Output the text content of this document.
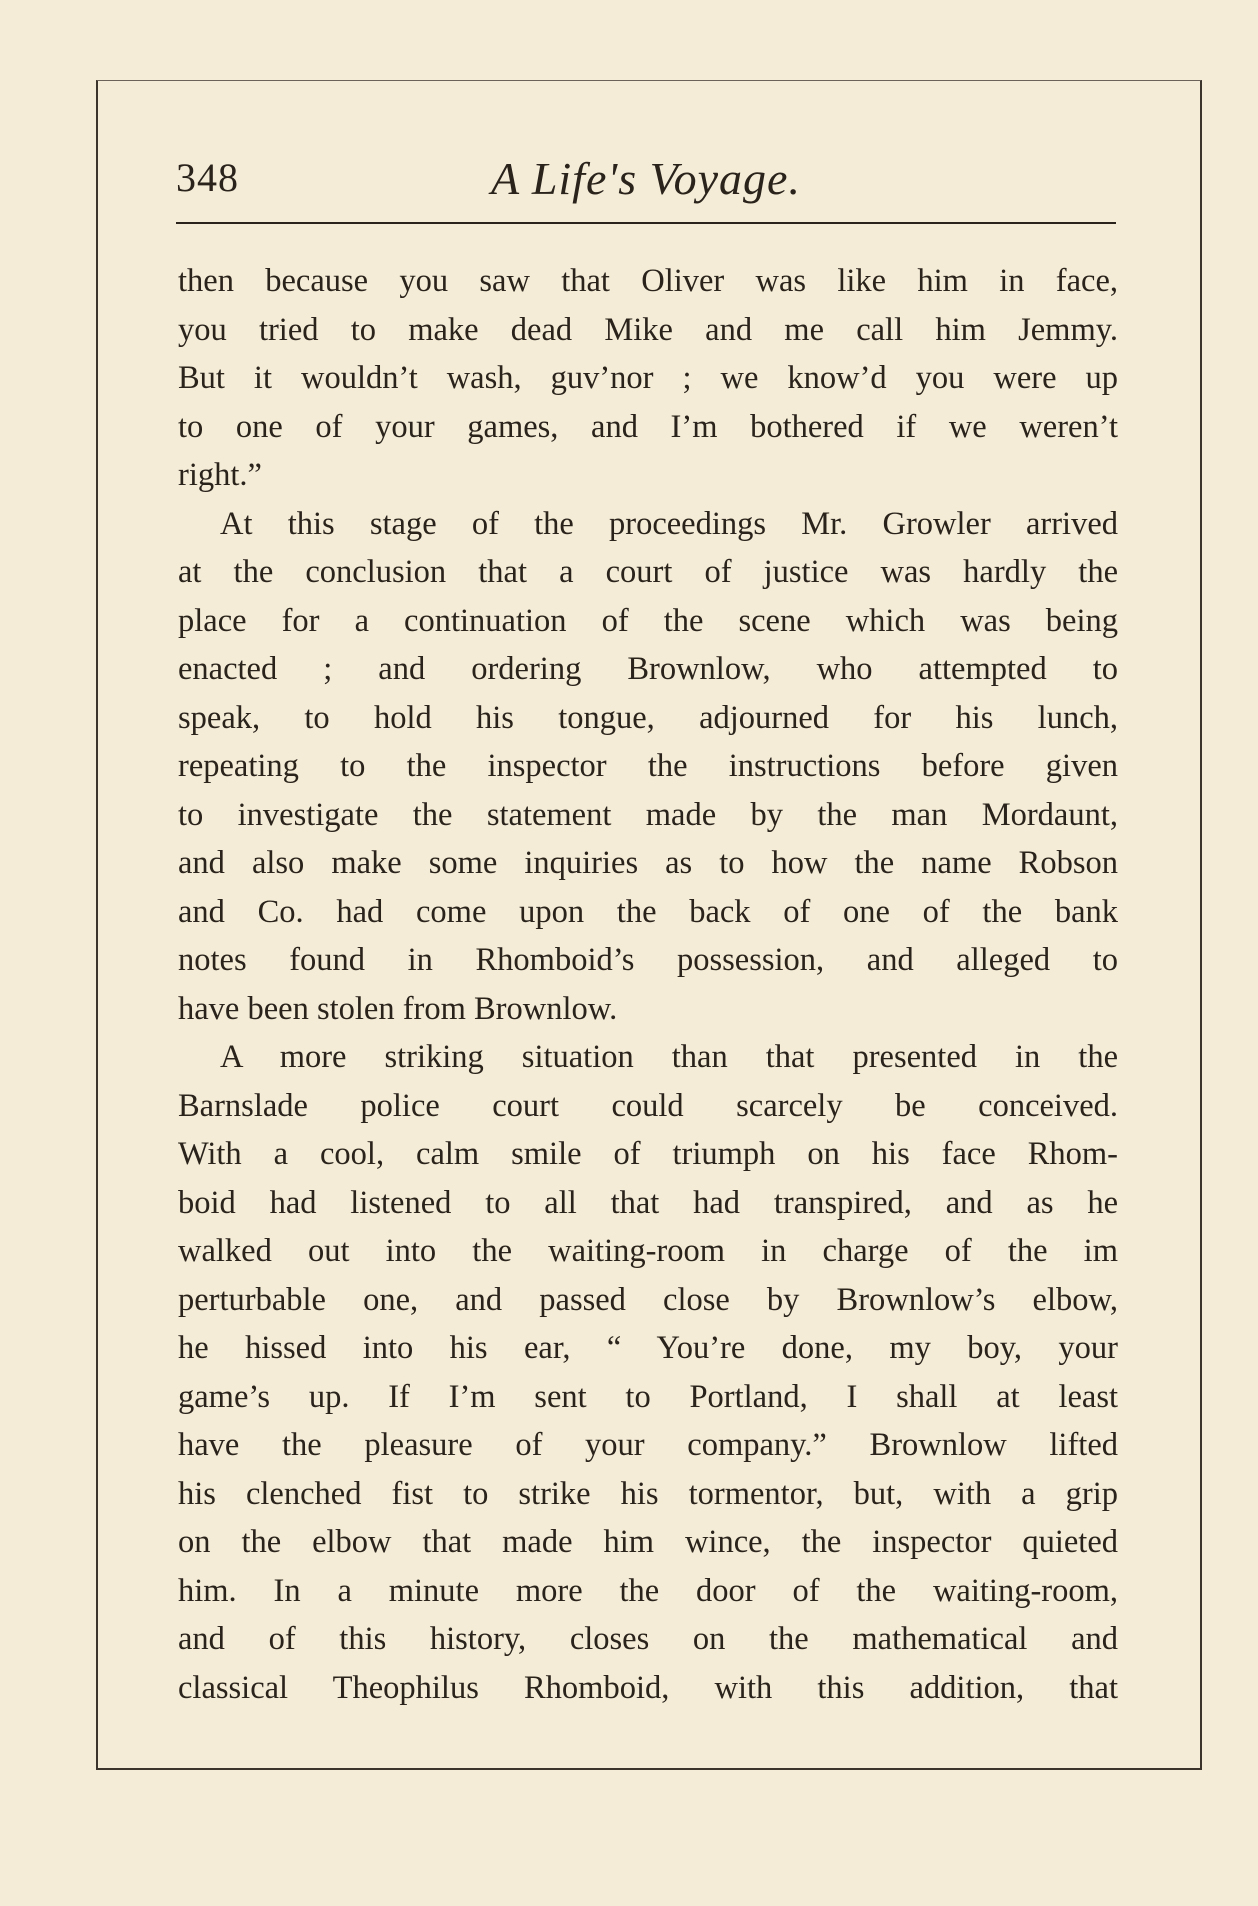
348	A Life's Voyage.
then because you saw that Oliver was like him in face,
you tried to make dead Mike and me call him Jemmy.
But it wouldn’t wash, guv’nor ; we know’d you were up
to one of your games, and I’m bothered if we weren’t
right.”
At this stage of the proceedings Mr. Growler arrived
at the conclusion that a court of justice was hardly the
place for a continuation of the scene which was being
enacted ; and ordering Brownlow, who attempted to
speak, to hold his tongue, adjourned for his lunch,
repeating to the inspector the instructions before given
to investigate the statement made by the man Mordaunt,
and also make some inquiries as to how the name Robson
and Co. had come upon the back of one of the bank
notes found in Rhomboid’s possession, and alleged to
have been stolen from Brownlow.
A more striking situation than that presented in the
Barnslade police court could scarcely be conceived.
With a cool, calm smile of triumph on his face Rhom-
boid had listened to all that had transpired, and as he
walked out into the waiting-room in charge of the im
perturbable one, and passed close by Brownlow’s elbow,
he hissed into his ear, “ You’re done, my boy, your
game’s up. If I’m sent to Portland, I shall at least
have the pleasure of your company.” Brownlow lifted
his clenched fist to strike his tormentor, but, with a grip
on the elbow that made him wince, the inspector quieted
him. In a minute more the door of the waiting-room,
and of this history, closes on the mathematical and
classical Theophilus Rhomboid, with this addition, that
